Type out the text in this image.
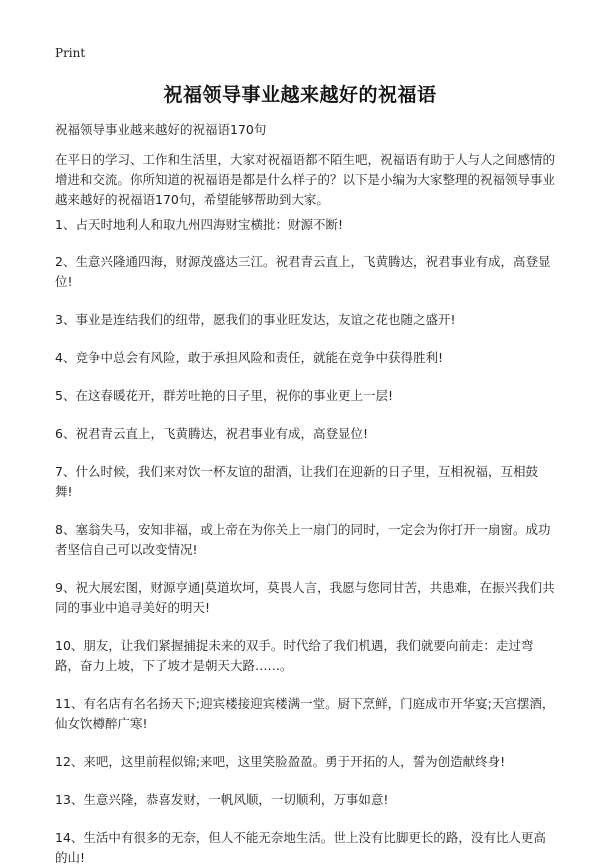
Print
祝福领导事业越来越好的祝福语
祝福领导事业越来越好的祝福语170句
在平日的学习、工作和生活里，大家对祝福语都不陌生吧，祝福语有助于人与人之间感情的增进和交流。你所知道的祝福语是都是什么样子的？以下是小编为大家整理的祝福领导事业越来越好的祝福语170句，希望能够帮助到大家。

1、占天时地利人和取九州四海财宝横批：财源不断!

2、生意兴隆通四海，财源茂盛达三江。祝君青云直上，飞黄腾达，祝君事业有成，高登显位!

3、事业是连结我们的纽带，愿我们的事业旺发达，友谊之花也随之盛开!

4、竞争中总会有风险，敢于承担风险和责任，就能在竞争中获得胜利!

5、在这春暖花开，群芳吐艳的日子里，祝你的事业更上一层!

6、祝君青云直上，飞黄腾达，祝君事业有成，高登显位!

7、什么时候，我们来对饮一杯友谊的甜酒，让我们在迎新的日子里，互相祝福，互相鼓舞!

8、塞翁失马，安知非福，或上帝在为你关上一扇门的同时，一定会为你打开一扇窗。成功者坚信自己可以改变情况!

9、祝大展宏图，财源亨通|莫道坎坷，莫畏人言，我愿与您同甘苦，共患难，在振兴我们共同的事业中追寻美好的明天!

10、朋友，让我们紧握捕捉未来的双手。时代给了我们机遇，我们就要向前走：走过弯路，奋力上坡，下了坡才是朝天大路……。

11、有名店有名名扬天下;迎宾楼接迎宾楼满一堂。厨下烹鲜，门庭成市开华宴;天宫摆酒，仙女饮樽醉广寒!

12、来吧，这里前程似锦;来吧，这里笑脸盈盈。勇于开拓的人，誓为创造献终身!

13、生意兴隆，恭喜发财，一帆风顺，一切顺利，万事如意!

14、生活中有很多的无奈，但人不能无奈地生活。世上没有比脚更长的路，没有比人更高的山!
